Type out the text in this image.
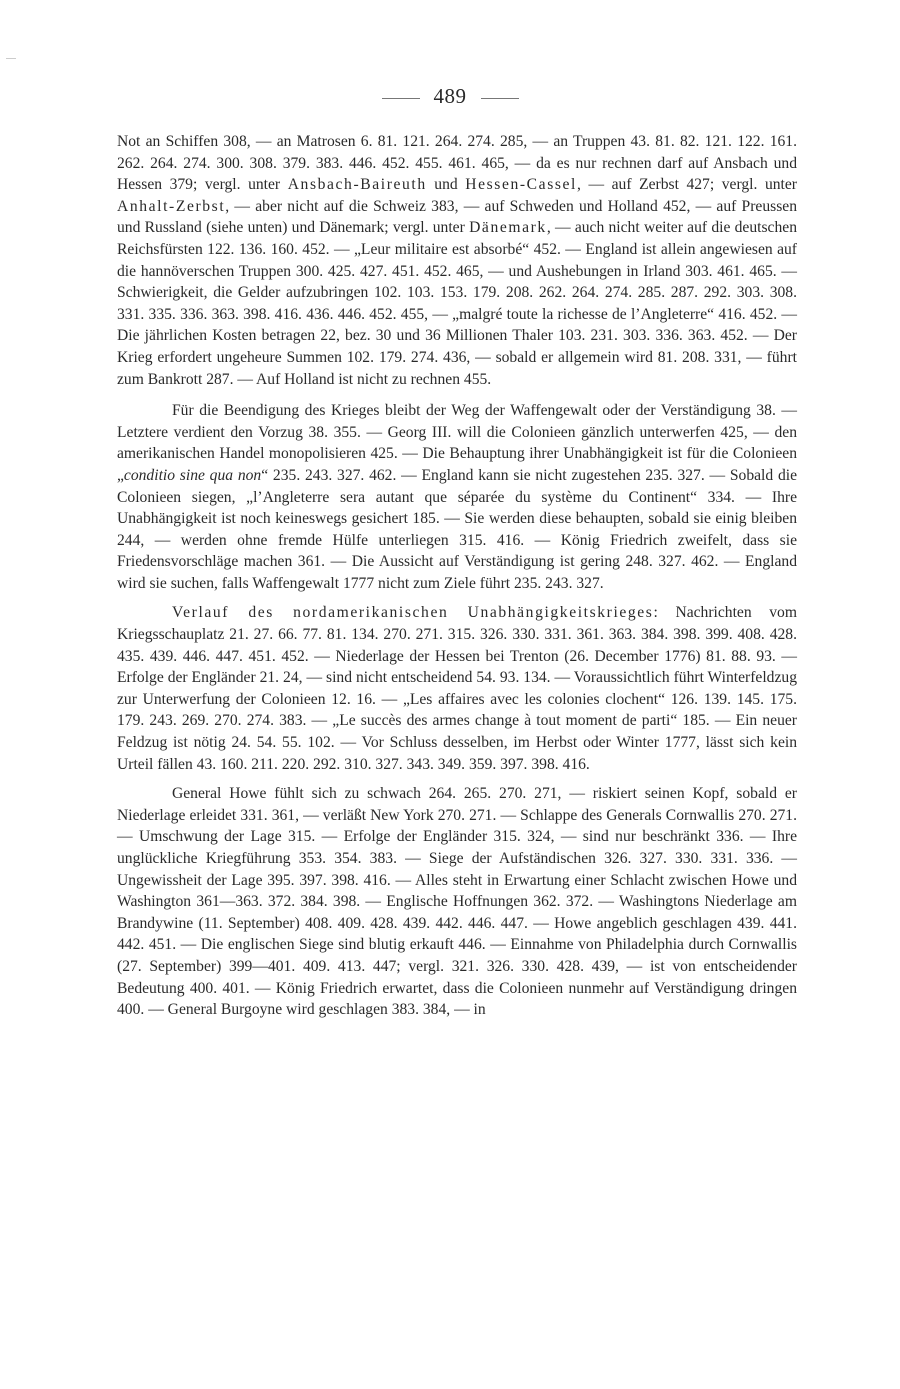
489

Not an Schiffen 308, — an Matrosen 6. 81. 121. 264. 274. 285, — an Truppen 43. 81. 82. 121. 122. 161. 262. 264. 274. 300. 308. 379. 383. 446. 452. 455. 461. 465, — da es nur rechnen darf auf Ansbach und Hessen 379; vergl. unter Ansbach-Baireuth und Hessen-Cassel, — auf Zerbst 427; vergl. unter Anhalt-Zerbst, — aber nicht auf die Schweiz 383, — auf Schweden und Holland 452, — auf Preussen und Russland (siehe unten) und Dänemark; vergl. unter Dänemark, — auch nicht weiter auf die deutschen Reichsfürsten 122. 136. 160. 452. — „Leur militaire est absorbé“ 452. — England ist allein angewiesen auf die hannöverschen Truppen 300. 425. 427. 451. 452. 465, — und Aushebungen in Irland 303. 461. 465. — Schwierigkeit, die Gelder aufzubringen 102. 103. 153. 179. 208. 262. 264. 274. 285. 287. 292. 303. 308. 331. 335. 336. 363. 398. 416. 436. 446. 452. 455, — „malgré toute la richesse de l’Angleterre“ 416. 452. — Die jährlichen Kosten betragen 22, bez. 30 und 36 Millionen Thaler 103. 231. 303. 336. 363. 452. — Der Krieg erfordert ungeheure Summen 102. 179. 274. 436, — sobald er allgemein wird 81. 208. 331, — führt zum Bankrott 287. — Auf Holland ist nicht zu rechnen 455.

Für die Beendigung des Krieges bleibt der Weg der Waffengewalt oder der Verständigung 38. — Letztere verdient den Vorzug 38. 355. — Georg III. will die Colonieen gänzlich unterwerfen 425, — den amerikanischen Handel monopolisieren 425. — Die Behauptung ihrer Unabhängigkeit ist für die Colonieen „conditio sine qua non“ 235. 243. 327. 462. — England kann sie nicht zugestehen 235. 327. — Sobald die Colonieen siegen, „l’Angleterre sera autant que séparée du système du Continent“ 334. — Ihre Unabhängigkeit ist noch keineswegs gesichert 185. — Sie werden diese behaupten, sobald sie einig bleiben 244, — werden ohne fremde Hülfe unterliegen 315. 416. — König Friedrich zweifelt, dass sie Friedensvorschläge machen 361. — Die Aussicht auf Verständigung ist gering 248. 327. 462. — England wird sie suchen, falls Waffengewalt 1777 nicht zum Ziele führt 235. 243. 327.

Verlauf des nordamerikanischen Unabhängigkeitskrieges: Nachrichten vom Kriegsschauplatz 21. 27. 66. 77. 81. 134. 270. 271. 315. 326. 330. 331. 361. 363. 384. 398. 399. 408. 428. 435. 439. 446. 447. 451. 452. — Niederlage der Hessen bei Trenton (26. December 1776) 81. 88. 93. — Erfolge der Engländer 21. 24, — sind nicht entscheidend 54. 93. 134. — Voraussichtlich führt Winterfeldzug zur Unterwerfung der Colonieen 12. 16. — „Les affaires avec les colonies clochent“ 126. 139. 145. 175. 179. 243. 269. 270. 274. 383. — „Le succès des armes change à tout moment de parti“ 185. — Ein neuer Feldzug ist nötig 24. 54. 55. 102. — Vor Schluss desselben, im Herbst oder Winter 1777, lässt sich kein Urteil fällen 43. 160. 211. 220. 292. 310. 327. 343. 349. 359. 397. 398. 416.

General Howe fühlt sich zu schwach 264. 265. 270. 271, — riskiert seinen Kopf, sobald er Niederlage erleidet 331. 361, — verläßt New York 270. 271. — Schlappe des Generals Cornwallis 270. 271. — Umschwung der Lage 315. — Erfolge der Engländer 315. 324, — sind nur beschränkt 336. — Ihre unglückliche Kriegführung 353. 354. 383. — Siege der Aufständischen 326. 327. 330. 331. 336. — Ungewissheit der Lage 395. 397. 398. 416. — Alles steht in Erwartung einer Schlacht zwischen Howe und Washington 361—363. 372. 384. 398. — Englische Hoffnungen 362. 372. — Washingtons Niederlage am Brandywine (11. September) 408. 409. 428. 439. 442. 446. 447. — Howe angeblich geschlagen 439. 441. 442. 451. — Die englischen Siege sind blutig erkauft 446. — Einnahme von Philadelphia durch Cornwallis (27. September) 399—401. 409. 413. 447; vergl. 321. 326. 330. 428. 439, — ist von entscheidender Bedeutung 400. 401. — König Friedrich erwartet, dass die Colonieen nunmehr auf Verständigung dringen 400. — General Burgoyne wird geschlagen 383. 384, — in
